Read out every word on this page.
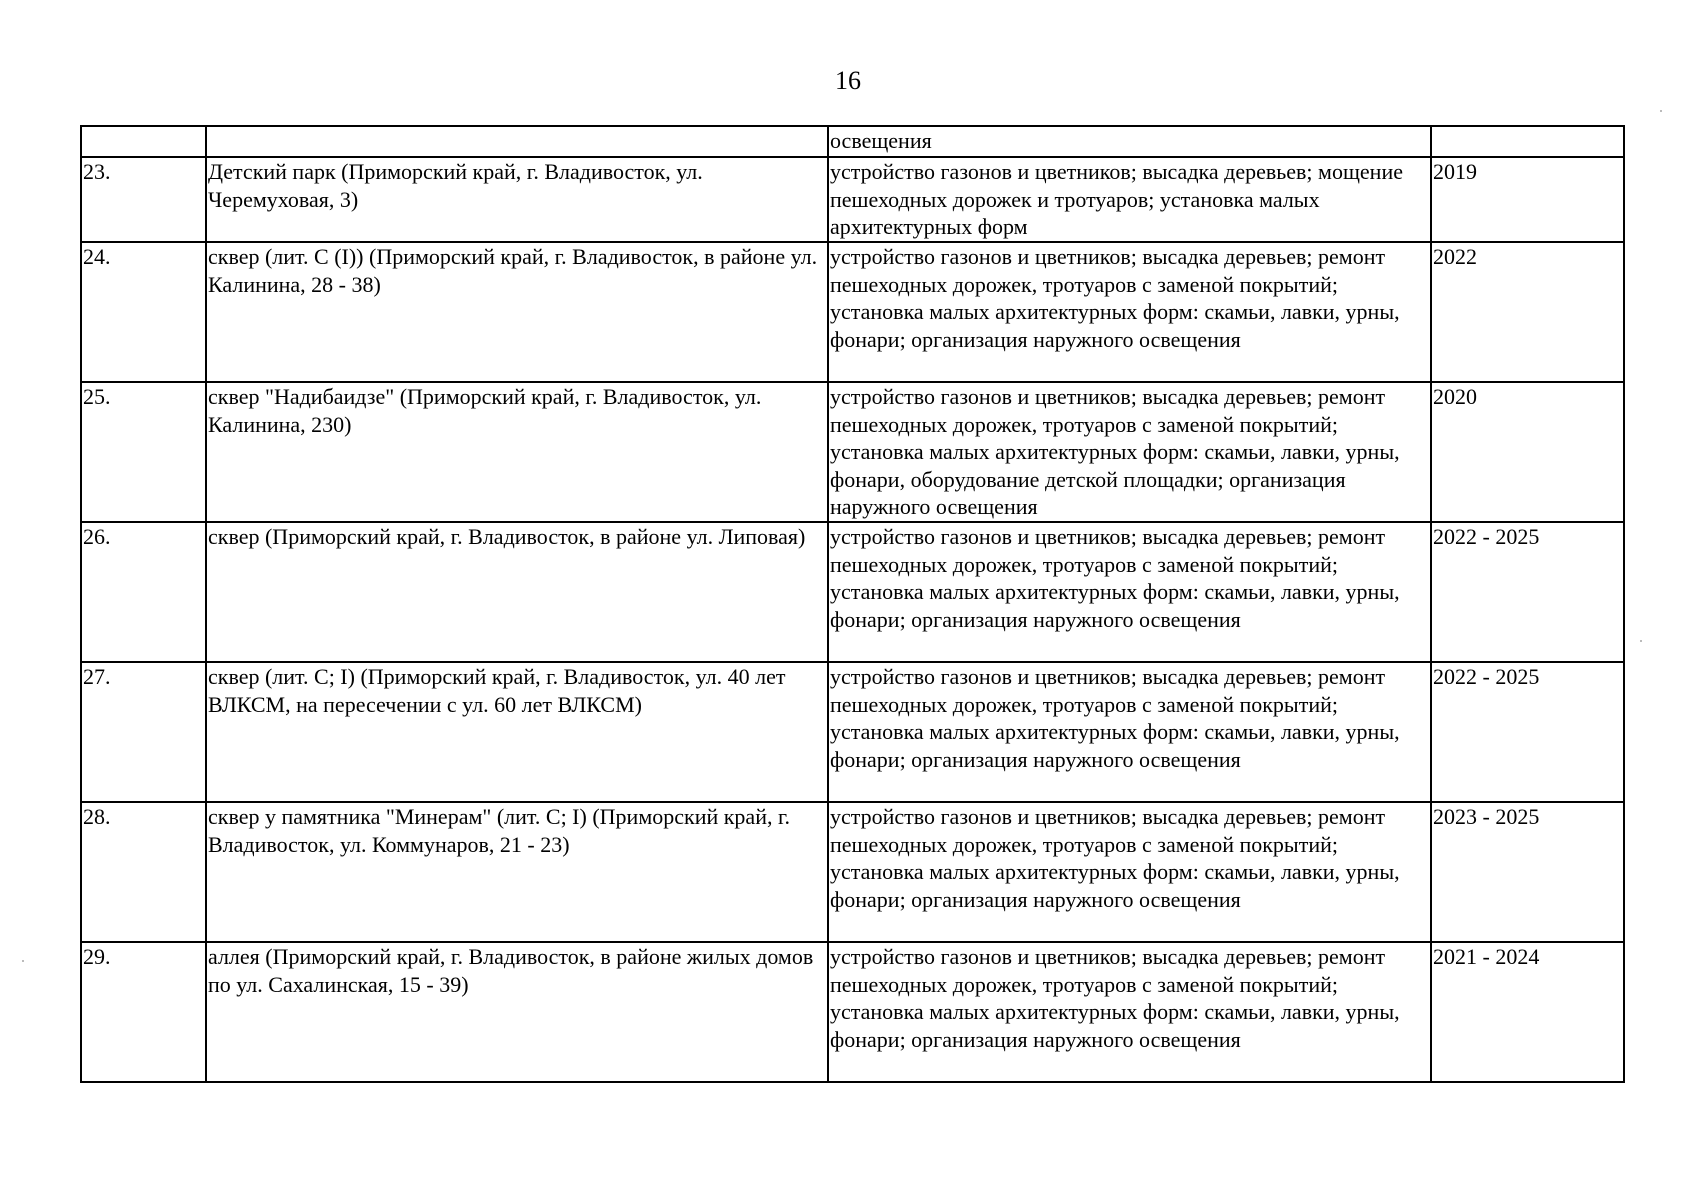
16
		освещения	
23.	Детский парк (Приморский край, г. Владивосток, ул. Черемуховая, 3)	устройство газонов и цветников; высадка деревьев; мощение пешеходных дорожек и тротуаров; установка малых архитектурных форм	2019
24.	сквер (лит. С (I)) (Приморский край, г. Владивосток, в районе ул. Калинина, 28 - 38)	устройство газонов и цветников; высадка деревьев; ремонт пешеходных дорожек, тротуаров с заменой покрытий; установка малых архитектурных форм: скамьи, лавки, урны, фонари; организация наружного освещения	2022
25.	сквер "Надибаидзе" (Приморский край, г. Владивосток, ул. Калинина, 230)	устройство газонов и цветников; высадка деревьев; ремонт пешеходных дорожек, тротуаров с заменой покрытий; установка малых архитектурных форм: скамьи, лавки, урны, фонари, оборудование детской площадки; организация наружного освещения	2020
26.	сквер (Приморский край, г. Владивосток, в районе ул. Липовая)	устройство газонов и цветников; высадка деревьев; ремонт пешеходных дорожек, тротуаров с заменой покрытий; установка малых архитектурных форм: скамьи, лавки, урны, фонари; организация наружного освещения	2022 - 2025
27.	сквер (лит. С; I) (Приморский край, г. Владивосток, ул. 40 лет ВЛКСМ, на пересечении с ул. 60 лет ВЛКСМ)	устройство газонов и цветников; высадка деревьев; ремонт пешеходных дорожек, тротуаров с заменой покрытий; установка малых архитектурных форм: скамьи, лавки, урны, фонари; организация наружного освещения	2022 - 2025
28.	сквер у памятника "Минерам" (лит. С; I) (Приморский край, г. Владивосток, ул. Коммунаров, 21 - 23)	устройство газонов и цветников; высадка деревьев; ремонт пешеходных дорожек, тротуаров с заменой покрытий; установка малых архитектурных форм: скамьи, лавки, урны, фонари; организация наружного освещения	2023 - 2025
29.	аллея (Приморский край, г. Владивосток, в районе жилых домов по ул. Сахалинская, 15 - 39)	устройство газонов и цветников; высадка деревьев; ремонт пешеходных дорожек, тротуаров с заменой покрытий; установка малых архитектурных форм: скамьи, лавки, урны, фонари; организация наружного освещения	2021 - 2024
